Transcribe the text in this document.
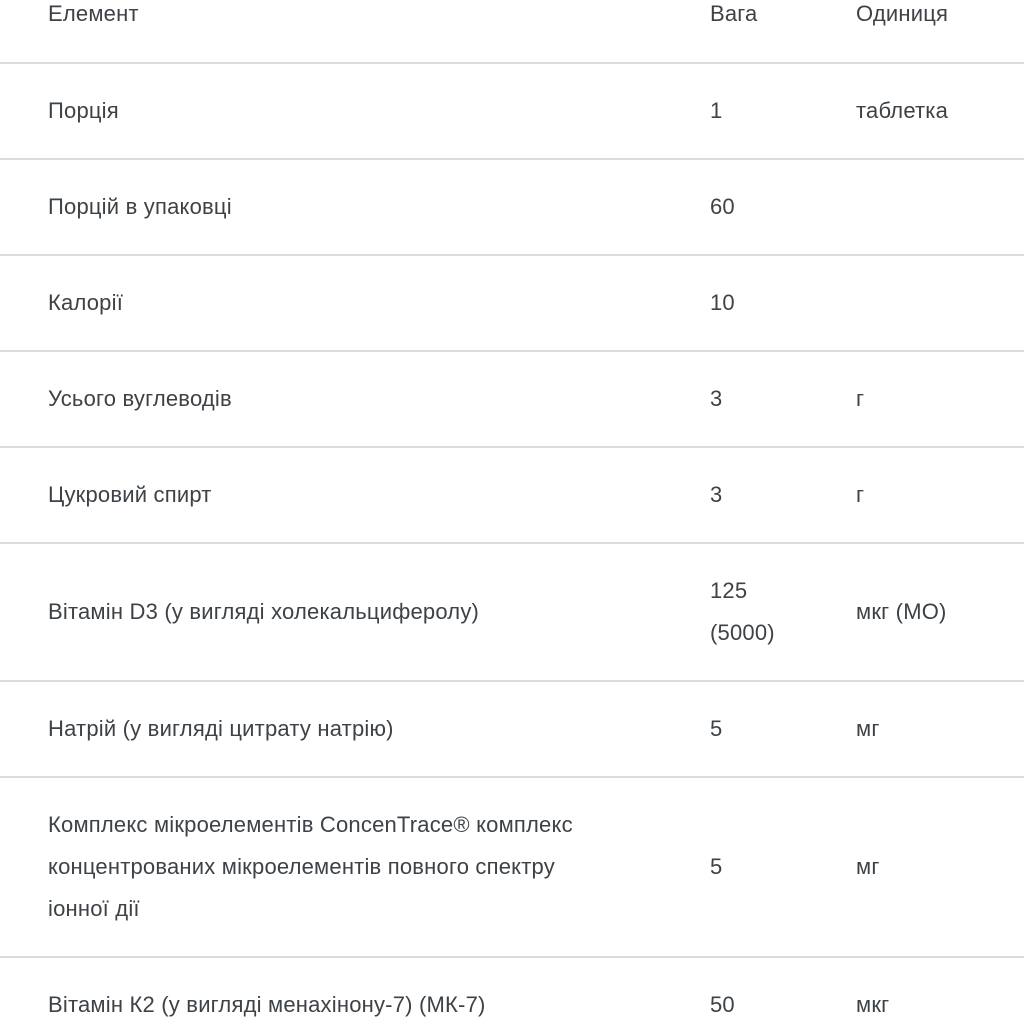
Елемент	Вага	Одиниця
Порція	1	таблетка
Порцій в упаковці	60	
Калорії	10	
Усього вуглеводів	3	г
Цукровий спирт	3	г
Вітамін D3 (у вигляді холекальциферолу)	125 (5000)	мкг (МО)
Натрій (у вигляді цитрату натрію)	5	мг
Комплекс мікроелементів ConcenTrace® комплекс концентрованих мікроелементів повного спектру іонної дії	5	мг
Вітамін К2 (у вигляді менахінону-7) (МК-7)	50	мкг
